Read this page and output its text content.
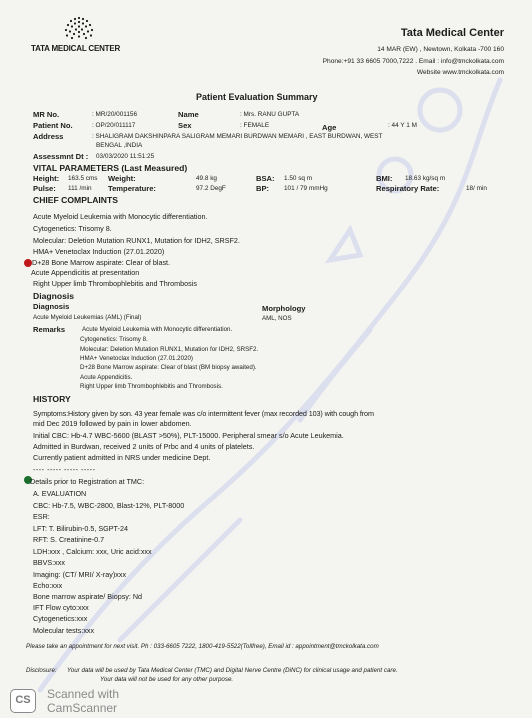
TATA MEDICAL CENTER
Tata Medical Center
14 MAR (EW) , Newtown, Kolkata -700 160
Phone:+91 33 6605 7000,7222 . Email : info@tmckolkata.com
Website www.tmckolkata.com
Patient Evaluation Summary
MR No.	: MR/20/001156	Name	: Mrs. RANU GUPTA
Patient No.	: OP/20/011117	Sex	: FEMALE	Age	: 44 Y 1 M
Address	: SHALIGRAM DAKSHINPARA SALIGRAM MEMARI BURDWAN MEMARI , EAST BURDWAN, WEST
BENGAL ,INDIA
Assessmnt Dt : 03/03/2020 11:51:25
VITAL PARAMETERS (Last Measured)
Height: 163.5 cms Weight:	49.8 kg	BSA: 1.50 sq m	BMI: 18.63 kg/sq m
Pulse: 111 /min Temperature:	97.2 DegF	BP: 101 / 79 mmHg	Respiratory Rate:	18/ min
CHIEF COMPLAINTS
Acute Myeloid Leukemia with Monocytic differentiation.
Cytogenetics: Trisomy 8.
Molecular: Deletion Mutation RUNX1, Mutation for IDH2, SRSF2.
HMA+ Venetoclax Induction (27.01.2020)
D+28 Bone Marrow aspirate: Clear of blast.
Acute Appendicitis at presentation
Right Upper limb Thrombophlebitis and Thrombosis
Diagnosis
Diagnosis	Morphology
Acute Myeloid Leukemias (AML) (Final)	AML, NOS
Remarks	Acute Myeloid Leukemia with Monocytic differentiation.
Cytogenetics: Trisomy 8.
Molecular: Deletion Mutation RUNX1, Mutation for IDH2, SRSF2.
HMA+ Venetoclax Induction (27.01.2020)
D+28 Bone Marrow aspirate: Clear of blast (BM biopsy awaited).
Acute Appendicitis.
Right Upper limb Thrombophlebitis and Thrombosis.
HISTORY
Symptoms:History given by son. 43 year female was c/o intermittent fever (max recorded 103) with cough from
mid Dec 2019 followed by pain in lower abdomen.
Initial CBC: Hb-4.7 WBC-5600 (BLAST >50%), PLT-15000. Peripheral smear s/o Acute Leukemia.
Admitted in Burdwan, received 2 units of Prbc and 4 units of platelets.
Currently patient admitted in NRS under medicine Dept.
---- ----- ----- -----
Details prior to Registration at TMC:
A. EVALUATION
CBC: Hb-7.5, WBC-2800, Blast-12%, PLT-8000
ESR:
LFT: T. Bilirubin-0.5, SGPT-24
RFT: S. Creatinine-0.7
LDH:xxx , Calcium: xxx, Uric acid:xxx
BBVS:xxx
Imaging: (CT/ MRI/ X-ray)xxx
Echo:xxx
Bone marrow aspirate/ Biopsy: Nd
IFT Flow cyto:xxx
Cytogenetics:xxx
Molecular tests:xxx
Please take an appointment for next visit. Ph : 033-6605 7222, 1800-419-5522(Tollfree), Email id : appointment@tmckolkata.com
Disclosure: Your data will be used by Tata Medical Center (TMC) and Digital Nerve Centre (DiNC) for clinical usage and patient care.
Your data will not be used for any other purpose.
CS	Scanned with
CamScanner
